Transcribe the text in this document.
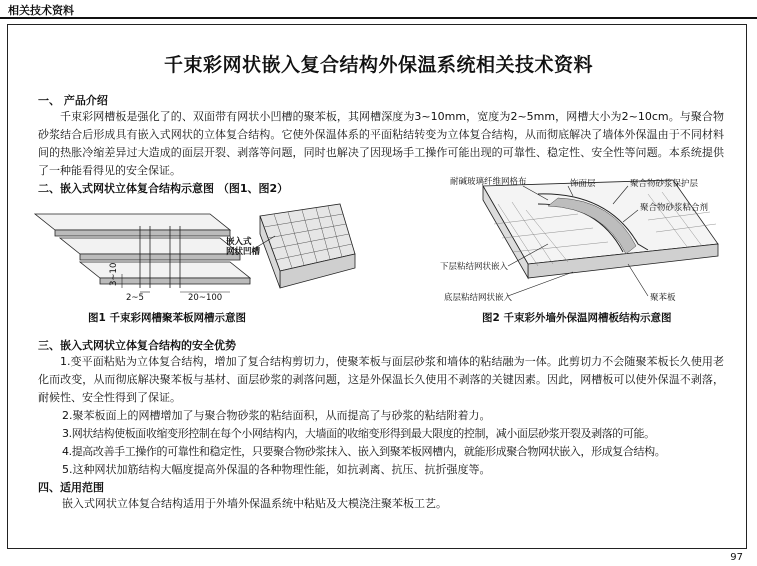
相关技术资料
千束彩网状嵌入复合结构外保温系统相关技术资料
一、 产品介绍
千束彩网槽板是强化了的、双面带有网状小凹槽的聚苯板，其网槽深度为3~10mm，宽度为2~5mm，网槽大小为2~10cm。与聚合物砂浆结合后形成具有嵌入式网状的立体复合结构。它使外保温体系的平面粘结转变为立体复合结构，从而彻底解决了墙体外保温由于不同材料间的热胀冷缩差异过大造成的面层开裂、剥落等问题，同时也解决了因现场手工操作可能出现的可靠性、稳定性、安全性等问题。本系统提供了一种能看得见的安全保证。
二、嵌入式网状立体复合结构示意图 （图1、图2）
2~5
3~10
20~100
嵌入式
网状凹槽
图1 千束彩网槽聚苯板网槽示意图
耐碱玻璃纤维网格布	饰面层	聚合物砂浆保护层
聚合物砂浆粘合剂
下层粘结网状嵌入
底层粘结网状嵌入	聚苯板
图2 千束彩外墙外保温网槽板结构示意图
三、嵌入式网状立体复合结构的安全优势
1.变平面粘贴为立体复合结构，增加了复合结构剪切力，使聚苯板与面层砂浆和墙体的粘结融为一体。此剪切力不会随聚苯板长久使用老化而改变，从而彻底解决聚苯板与基材、面层砂浆的剥落问题，这是外保温长久使用不剥落的关键因素。因此，网槽板可以使外保温不剥落，耐候性、安全性得到了保证。
2.聚苯板面上的网槽增加了与聚合物砂浆的粘结面积，从而提高了与砂浆的粘结附着力。
3.网状结构使板面收缩变形控制在每个小网结构内，大墙面的收缩变形得到最大限度的控制，减小面层砂浆开裂及剥落的可能。
4.提高改善手工操作的可靠性和稳定性，只要聚合物砂浆抹入、嵌入到聚苯板网槽内，就能形成聚合物网状嵌入，形成复合结构。
5.这种网状加筋结构大幅度提高外保温的各种物理性能，如抗剥离、抗压、抗折强度等。
四、适用范围
嵌入式网状立体复合结构适用于外墙外保温系统中粘贴及大模浇注聚苯板工艺。
97
